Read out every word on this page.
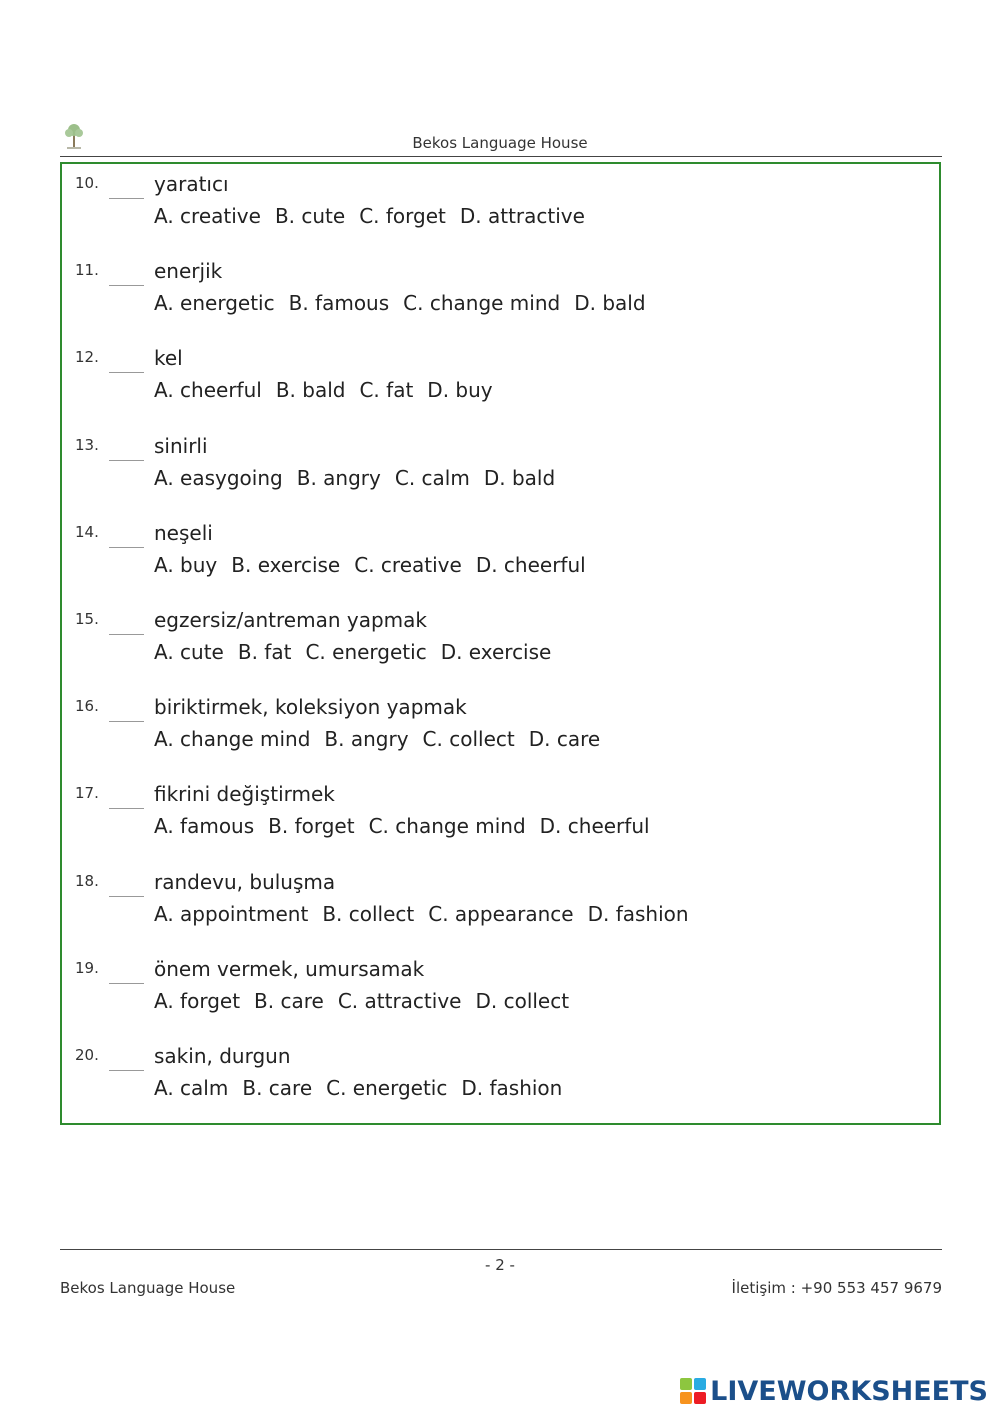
Bekos Language House
10.	yaratıcı
A. creative B. cute C. forget D. attractive
11.	enerjik
A. energetic B. famous C. change mind D. bald
12.	kel
A. cheerful B. bald C. fat D. buy
13.	sinirli
A. easygoing B. angry C. calm D. bald
14.	neşeli
A. buy B. exercise C. creative D. cheerful
15.	egzersiz/antreman yapmak
A. cute B. fat C. energetic D. exercise
16.	biriktirmek, koleksiyon yapmak
A. change mind B. angry C. collect D. care
17.	fikrini değiştirmek
A. famous B. forget C. change mind D. cheerful
18.	randevu, buluşma
A. appointment B. collect C. appearance D. fashion
19.	önem vermek, umursamak
A. forget B. care C. attractive D. collect
20.	sakin, durgun
A. calm B. care C. energetic D. fashion
- 2 -
Bekos Language House	İletişim : +90 553 457 9679
LIVEWORKSHEETS
